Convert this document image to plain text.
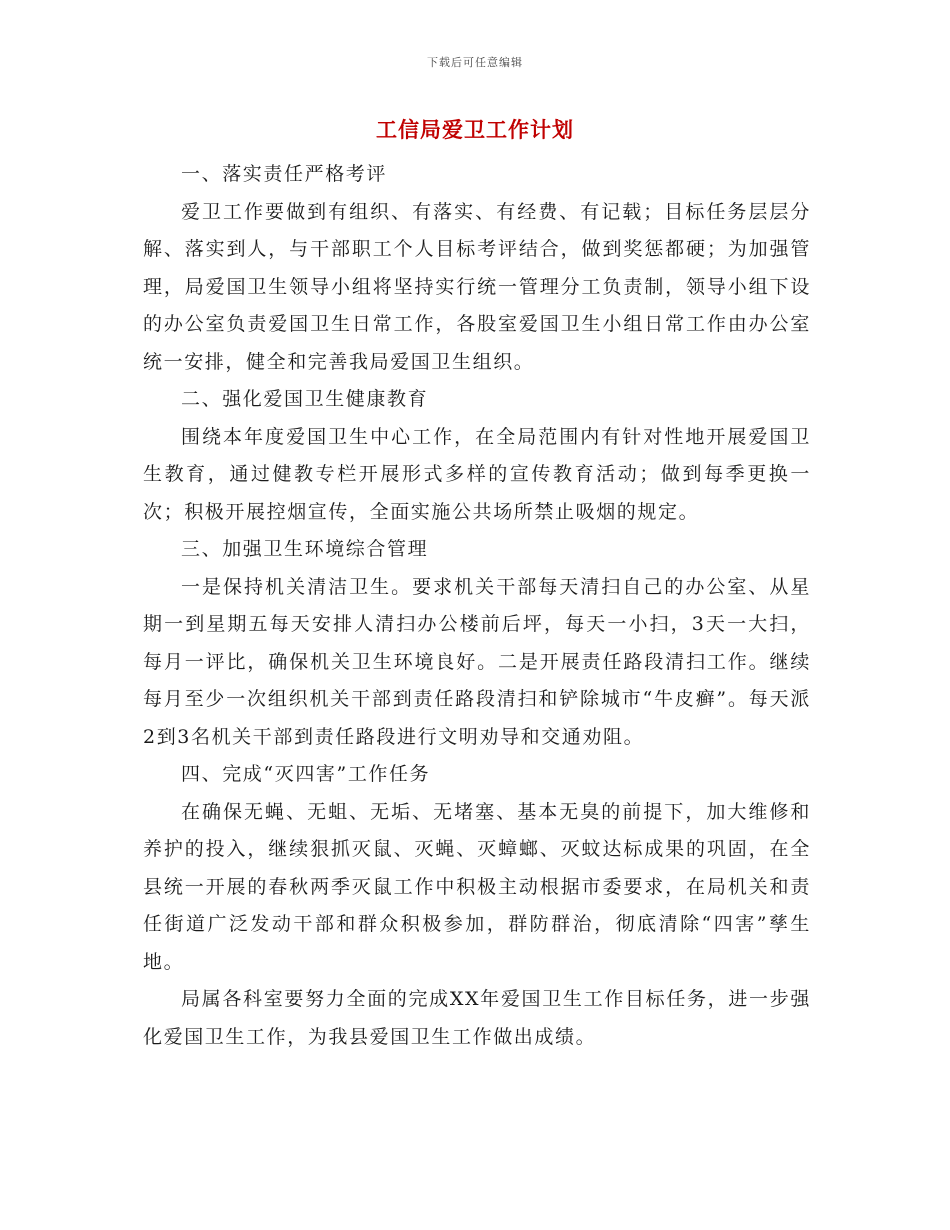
下载后可任意编辑
工信局爱卫工作计划

一、落实责任严格考评

爱卫工作要做到有组织、有落实、有经费、有记载；目标任务层层分解、落实到人，与干部职工个人目标考评结合，做到奖惩都硬；为加强管理，局爱国卫生领导小组将坚持实行统一管理分工负责制，领导小组下设的办公室负责爱国卫生日常工作，各股室爱国卫生小组日常工作由办公室统一安排，健全和完善我局爱国卫生组织。

二、强化爱国卫生健康教育

围绕本年度爱国卫生中心工作，在全局范围内有针对性地开展爱国卫生教育，通过健教专栏开展形式多样的宣传教育活动；做到每季更换一次；积极开展控烟宣传，全面实施公共场所禁止吸烟的规定。

三、加强卫生环境综合管理

一是保持机关清洁卫生。要求机关干部每天清扫自己的办公室、从星期一到星期五每天安排人清扫办公楼前后坪，每天一小扫，3天一大扫，每月一评比，确保机关卫生环境良好。二是开展责任路段清扫工作。继续每月至少一次组织机关干部到责任路段清扫和铲除城市“牛皮癣”。每天派2到3名机关干部到责任路段进行文明劝导和交通劝阻。

四、完成“灭四害”工作任务

在确保无蝇、无蛆、无垢、无堵塞、基本无臭的前提下，加大维修和养护的投入，继续狠抓灭鼠、灭蝇、灭蟑螂、灭蚊达标成果的巩固，在全县统一开展的春秋两季灭鼠工作中积极主动根据市委要求，在局机关和责任街道广泛发动干部和群众积极参加，群防群治，彻底清除“四害”孳生地。

局属各科室要努力全面的完成XX年爱国卫生工作目标任务，进一步强化爱国卫生工作，为我县爱国卫生工作做出成绩。
